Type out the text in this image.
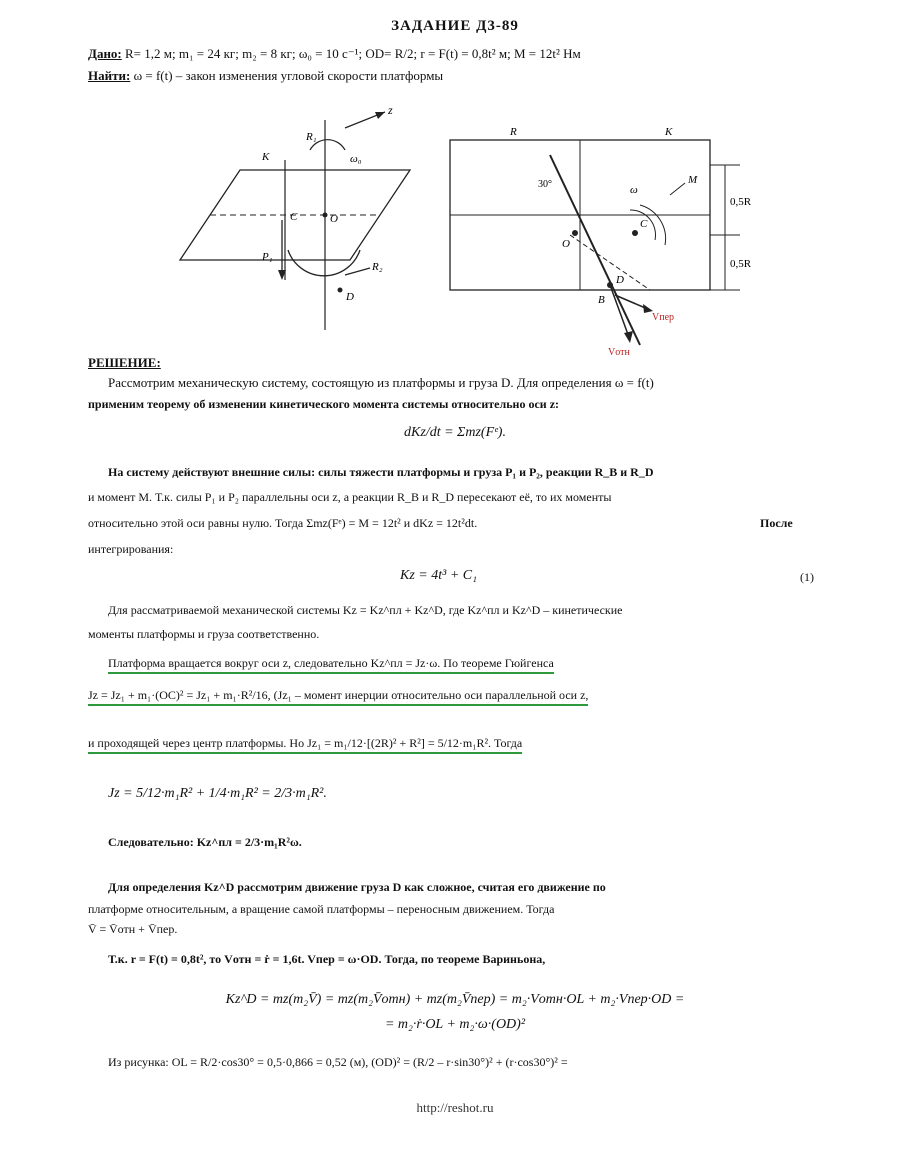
ЗАДАНИЕ Д3-89
Дано: R= 1,2 м; m₁ = 24 кг; m₂ = 8 кг; ω₀ = 10 c⁻¹; OD= R/2; r = F(t) = 0,8t² м; M = 12t² Нм
Найти: ω = f(t) – закон изменения угловой скорости платформы
z
R₁
K
P₁
R₂
ω₀
C	O
D
R	K
ω
M
C
O
D
B
Vотн
Vпер
0,5R
0,5R
30°
РЕШЕНИЕ:
Рассмотрим механическую систему, состоящую из платформы и груза D. Для определения ω = f(t)
применим теорему об изменении кинетического момента системы относительно оси z:
dKz/dt = Σmz(Fᵉ).
На систему действуют внешние силы: силы тяжести платформы и груза P₁ и P₂, реакции R_B и R_D
и момент M. Т.к. силы P₁ и P₂ параллельны оси z, а реакции R_B и R_D пересекают её, то их моменты
относительно этой оси равны нулю. Тогда Σmz(Fᵉ) = M = 12t² и dKz = 12t²dt.	После
интегрирования:
Kz = 4t³ + C₁	(1)
Для рассматриваемой механической системы Kz = Kz^пл + Kz^D, где Kz^пл и Kz^D – кинетические
моменты платформы и груза соответственно.
Платформа вращается вокруг оси z, следовательно Kz^пл = Jz·ω. По теореме Гюйгенса
Jz = Jz₁ + m₁·(OC)² = Jz₁ + m₁·R²/16, (Jz₁ – момент инерции относительно оси параллельной оси z,
и проходящей через центр платформы. Но Jz₁ = m₁/12·[(2R)² + R²] = 5/12·m₁R². Тогда
Jz = 5/12·m₁R² + 1/4·m₁R² = 2/3·m₁R².
Следовательно: Kz^пл = 2/3·m₁R²ω.
Для определения Kz^D рассмотрим движение груза D как сложное, считая его движение по
платформе относительным, а вращение самой платформы – переносным движением. Тогда
V̄ = V̄отн + V̄пер.
Т.к. r = F(t) = 0,8t², то Vотн = ṙ = 1,6t. Vпер = ω·OD. Тогда, по теореме Вариньона,
Kz^D = mz(m₂V̄) = mz(m₂V̄отн) + mz(m₂V̄пер) = m₂·Vотн·OL + m₂·Vпер·OD =
= m₂·ṙ·OL + m₂·ω·(OD)²
Из рисунка: OL = R/2·cos30° = 0,5·0,866 = 0,52 (м), (OD)² = (R/2 – r·sin30°)² + (r·cos30°)² =
http://reshot.ru
